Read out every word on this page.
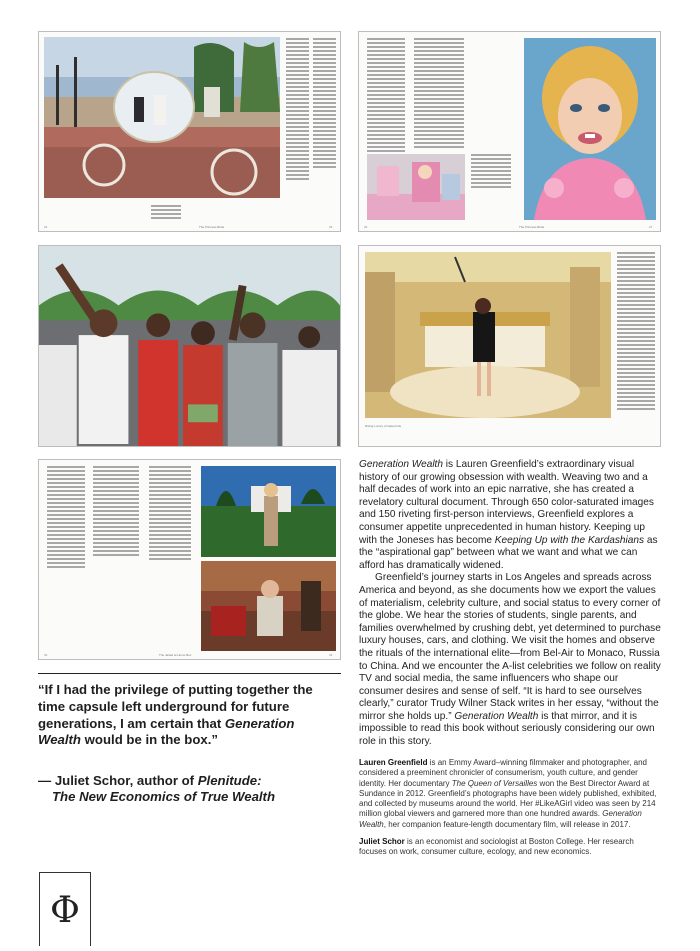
24	The Princess Bride	25	26	The Princess Bride	27
Rising Luxury of Gated Life
32	The Jaded at Home Box	33

Generation Wealth is Lauren Greenfield’s extraordinary visual history of our growing obsession with wealth. Weaving two and a half decades of work into an epic narrative, she has created a revelatory cultural document. Through 650 color-saturated images and 150 riveting first-person interviews, Greenfield explores a consumer appetite unprecedented in human history. Keeping up with the Joneses has become Keeping Up with the Kardashians as the “aspirational gap” between what we want and what we can afford has dramatically widened.

Greenfield’s journey starts in Los Angeles and spreads across America and beyond, as she documents how we export the values of materialism, celebrity culture, and social status to every corner of the globe. We hear the stories of students, single parents, and families overwhelmed by crushing debt, yet determined to purchase luxury houses, cars, and clothing. We visit the homes and observe the rituals of the international elite—from Bel-Air to Monaco, Russia to China. And we encounter the A-list celebrities we follow on reality TV and social media, the same influencers who shape our consumer desires and sense of self. “It is hard to see ourselves clearly,” curator Trudy Wilner Stack writes in her essay, “without the mirror she holds up.” Generation Wealth is that mirror, and it is impossible to read this book without seriously considering our own role in this story.

Lauren Greenfield is an Emmy Award–winning filmmaker and photographer, and considered a preeminent chronicler of consumerism, youth culture, and gender identity. Her documentary The Queen of Versailles won the Best Director Award at Sundance in 2012. Greenfield’s photographs have been widely published, exhibited, and collected by museums around the world. Her #LikeAGirl video was seen by 214 million global viewers and garnered more than one hundred awards. Generation Wealth, her companion feature-length documentary film, will release in 2017.

Juliet Schor is an economist and sociologist at Boston College. Her research focuses on work, consumer culture, ecology, and new economics.

“If I had the privilege of putting together the time capsule left underground for future generations, I am certain that Generation Wealth would be in the box.”
— Juliet Schor, author of Plenitude:
The New Economics of True Wealth
Φ
